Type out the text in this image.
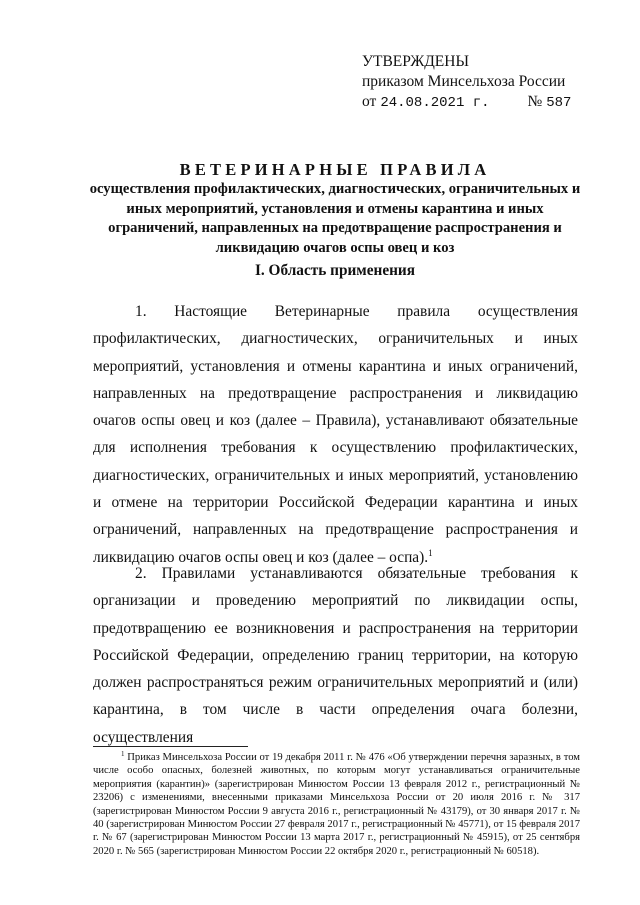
УТВЕРЖДЕНЫ
приказом Минсельхоза России
от 24.08.2021 г. № 587
ВЕТЕРИНАРНЫЕ ПРАВИЛА
осуществления профилактических, диагностических, ограничительных и иных мероприятий, установления и отмены карантина и иных ограничений, направленных на предотвращение распространения и ликвидацию очагов оспы овец и коз
I. Область применения

1. Настоящие Ветеринарные правила осуществления профилактических, диагностических, ограничительных и иных мероприятий, установления и отмены карантина и иных ограничений, направленных на предотвращение распространения и ликвидацию очагов оспы овец и коз (далее – Правила), устанавливают обязательные для исполнения требования к осуществлению профилактических, диагностических, ограничительных и иных мероприятий, установлению и отмене на территории Российской Федерации карантина и иных ограничений, направленных на предотвращение распространения и ликвидацию очагов оспы овец и коз (далее – оспа).$^1$

2. Правилами устанавливаются обязательные требования к организации и проведению мероприятий по ликвидации оспы, предотвращению ее возникновения и распространения на территории Российской Федерации, определению границ территории, на которую должен распространяться режим ограничительных мероприятий и (или) карантина, в том числе в части определения очага болезни, осуществления

$^1$ Приказ Минсельхоза России от 19 декабря 2011 г. № 476 «Об утверждении перечня заразных, в том числе особо опасных, болезней животных, по которым могут устанавливаться ограничительные мероприятия (карантин)» (зарегистрирован Минюстом России 13 февраля 2012 г., регистрационный № 23206) с изменениями, внесенными приказами Минсельхоза России от 20 июля 2016 г. № 317 (зарегистрирован Минюстом России 9 августа 2016 г., регистрационный № 43179), от 30 января 2017 г. № 40 (зарегистрирован Минюстом России 27 февраля 2017 г., регистрационный № 45771), от 15 февраля 2017 г. № 67 (зарегистрирован Минюстом России 13 марта 2017 г., регистрационный № 45915), от 25 сентября 2020 г. № 565 (зарегистрирован Минюстом России 22 октября 2020 г., регистрационный № 60518).
